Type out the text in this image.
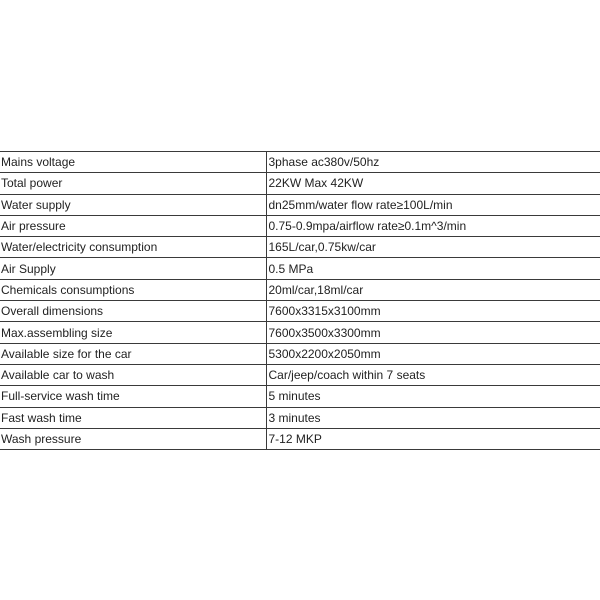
Mains voltage	3phase ac380v/50hz
Total power	22KW Max 42KW
Water supply	dn25mm/water flow rate≥100L/min
Air pressure	0.75-0.9mpa/airflow rate≥0.1m^3/min
Water/electricity consumption	165L/car,0.75kw/car
Air Supply	0.5 MPa
Chemicals consumptions	20ml/car,18ml/car
Overall dimensions	7600x3315x3100mm
Max.assembling size	7600x3500x3300mm
Available size for the car	5300x2200x2050mm
Available car to wash	Car/jeep/coach within 7 seats
Full-service wash time	5 minutes
Fast wash time	3 minutes
Wash pressure	7-12 MKP
